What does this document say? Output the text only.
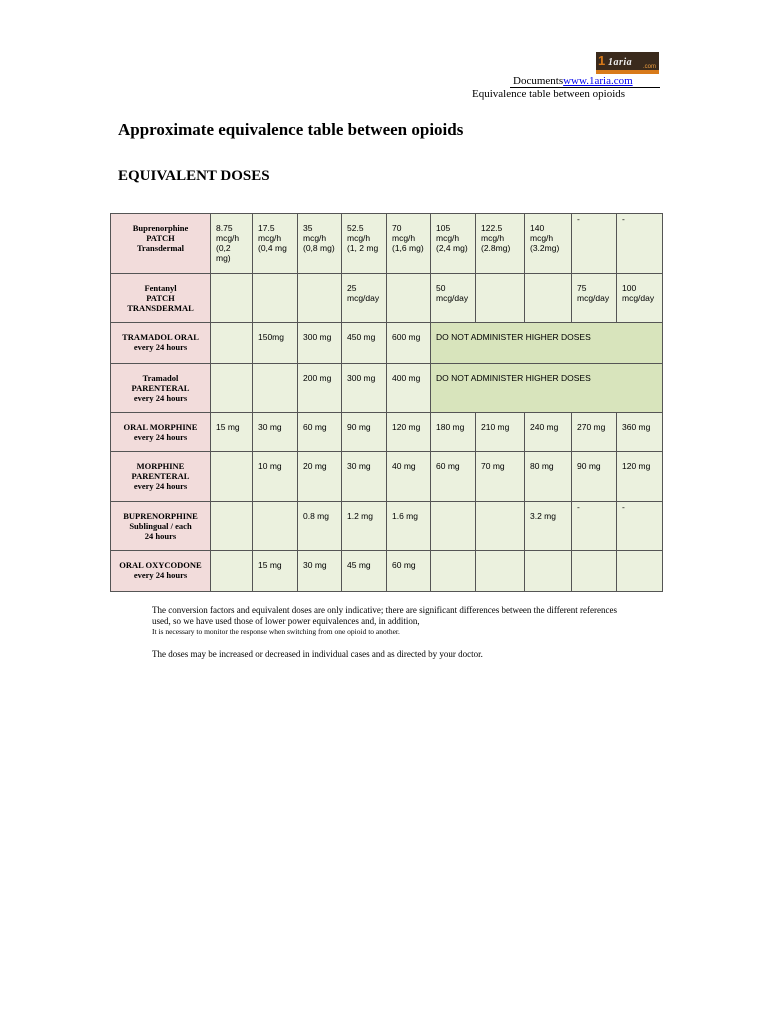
1 1aria .com
Documentswww.1aria.com
Equivalence table between opioids
Approximate equivalence table between opioids
EQUIVALENT DOSES
Buprenorphine
PATCH
Transdermal	8.75 mcg/h (0,2 mg)	17.5 mcg/h (0,4 mg	35 mcg/h (0,8 mg)	52.5 mcg/h (1, 2 mg	70 mcg/h (1,6 mg)	105 mcg/h (2,4 mg)	122.5 mcg/h (2.8mg)	140 mcg/h (3.2mg)	-	-
Fentanyl
PATCH
TRANSDERMAL				25 mcg/day		50 mcg/day			75 mcg/day	100 mcg/day
TRAMADOL ORAL
every 24 hours		150mg	300 mg	450 mg	600 mg	DO NOT ADMINISTER HIGHER DOSES				
Tramadol
PARENTERAL
every 24 hours			200 mg	300 mg	400 mg	DO NOT ADMINISTER HIGHER DOSES				
ORAL MORPHINE
every 24 hours	15 mg	30 mg	60 mg	90 mg	120 mg	180 mg	210 mg	240 mg	270 mg	360 mg
MORPHINE
PARENTERAL
every 24 hours		10 mg	20 mg	30 mg	40 mg	60 mg	70 mg	80 mg	90 mg	120 mg
BUPRENORPHINE
Sublingual / each
24 hours			0.8 mg	1.2 mg	1.6 mg			3.2 mg	-	-
ORAL OXYCODONE
every 24 hours		15 mg	30 mg	45 mg	60 mg					

The conversion factors and equivalent doses are only indicative; there are significant differences between the different references used, so we have used those of lower power equivalences and, in addition,

It is necessary to monitor the response when switching from one opioid to another.

The doses may be increased or decreased in individual cases and as directed by your doctor.
